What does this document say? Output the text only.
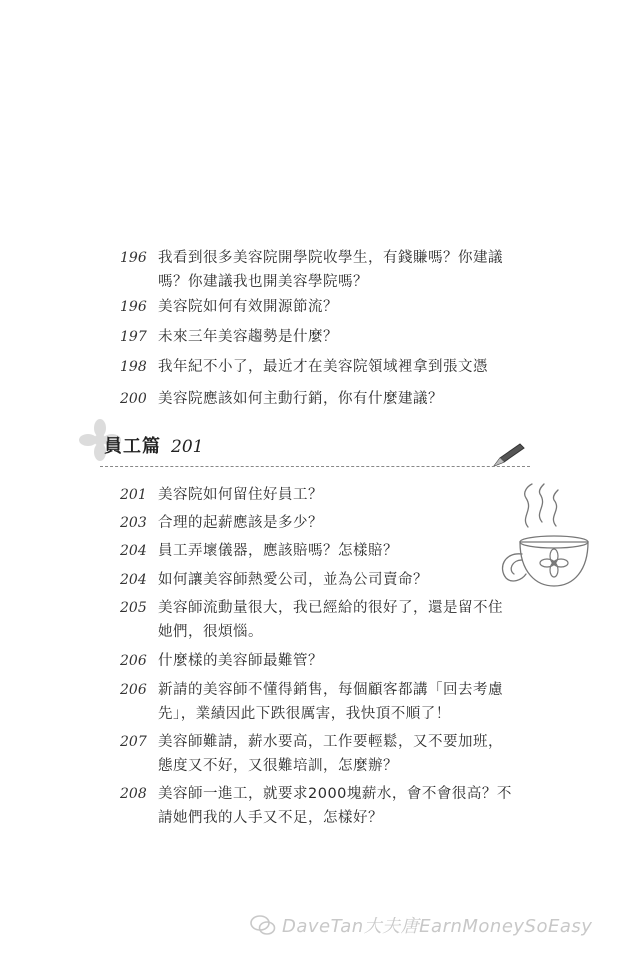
196 我看到很多美容院開學院收學生，有錢賺嗎？你建議
嗎？你建議我也開美容學院嗎？
196 美容院如何有效開源節流？
197 未來三年美容趨勢是什麼？
198 我年紀不小了，最近才在美容院領域裡拿到張文憑
200 美容院應該如何主動行銷，你有什麼建議？
員工篇 201
201 美容院如何留住好員工？
203 合理的起薪應該是多少？
204 員工弄壞儀器，應該賠嗎？怎樣賠？
204 如何讓美容師熱愛公司，並為公司賣命？
205 美容師流動量很大，我已經給的很好了，還是留不住
她們，很煩惱。
206 什麼樣的美容師最難管？
206 新請的美容師不懂得銷售，每個顧客都講「回去考慮
先」，業績因此下跌很厲害，我快頂不順了！
207 美容師難請，薪水要高，工作要輕鬆，又不要加班，
態度又不好，又很難培訓，怎麼辦？
208 美容師一進工，就要求2000塊薪水，會不會很高？不
請她們我的人手又不足，怎樣好？
DaveTan大夫唐EarnMoneySoEasy
